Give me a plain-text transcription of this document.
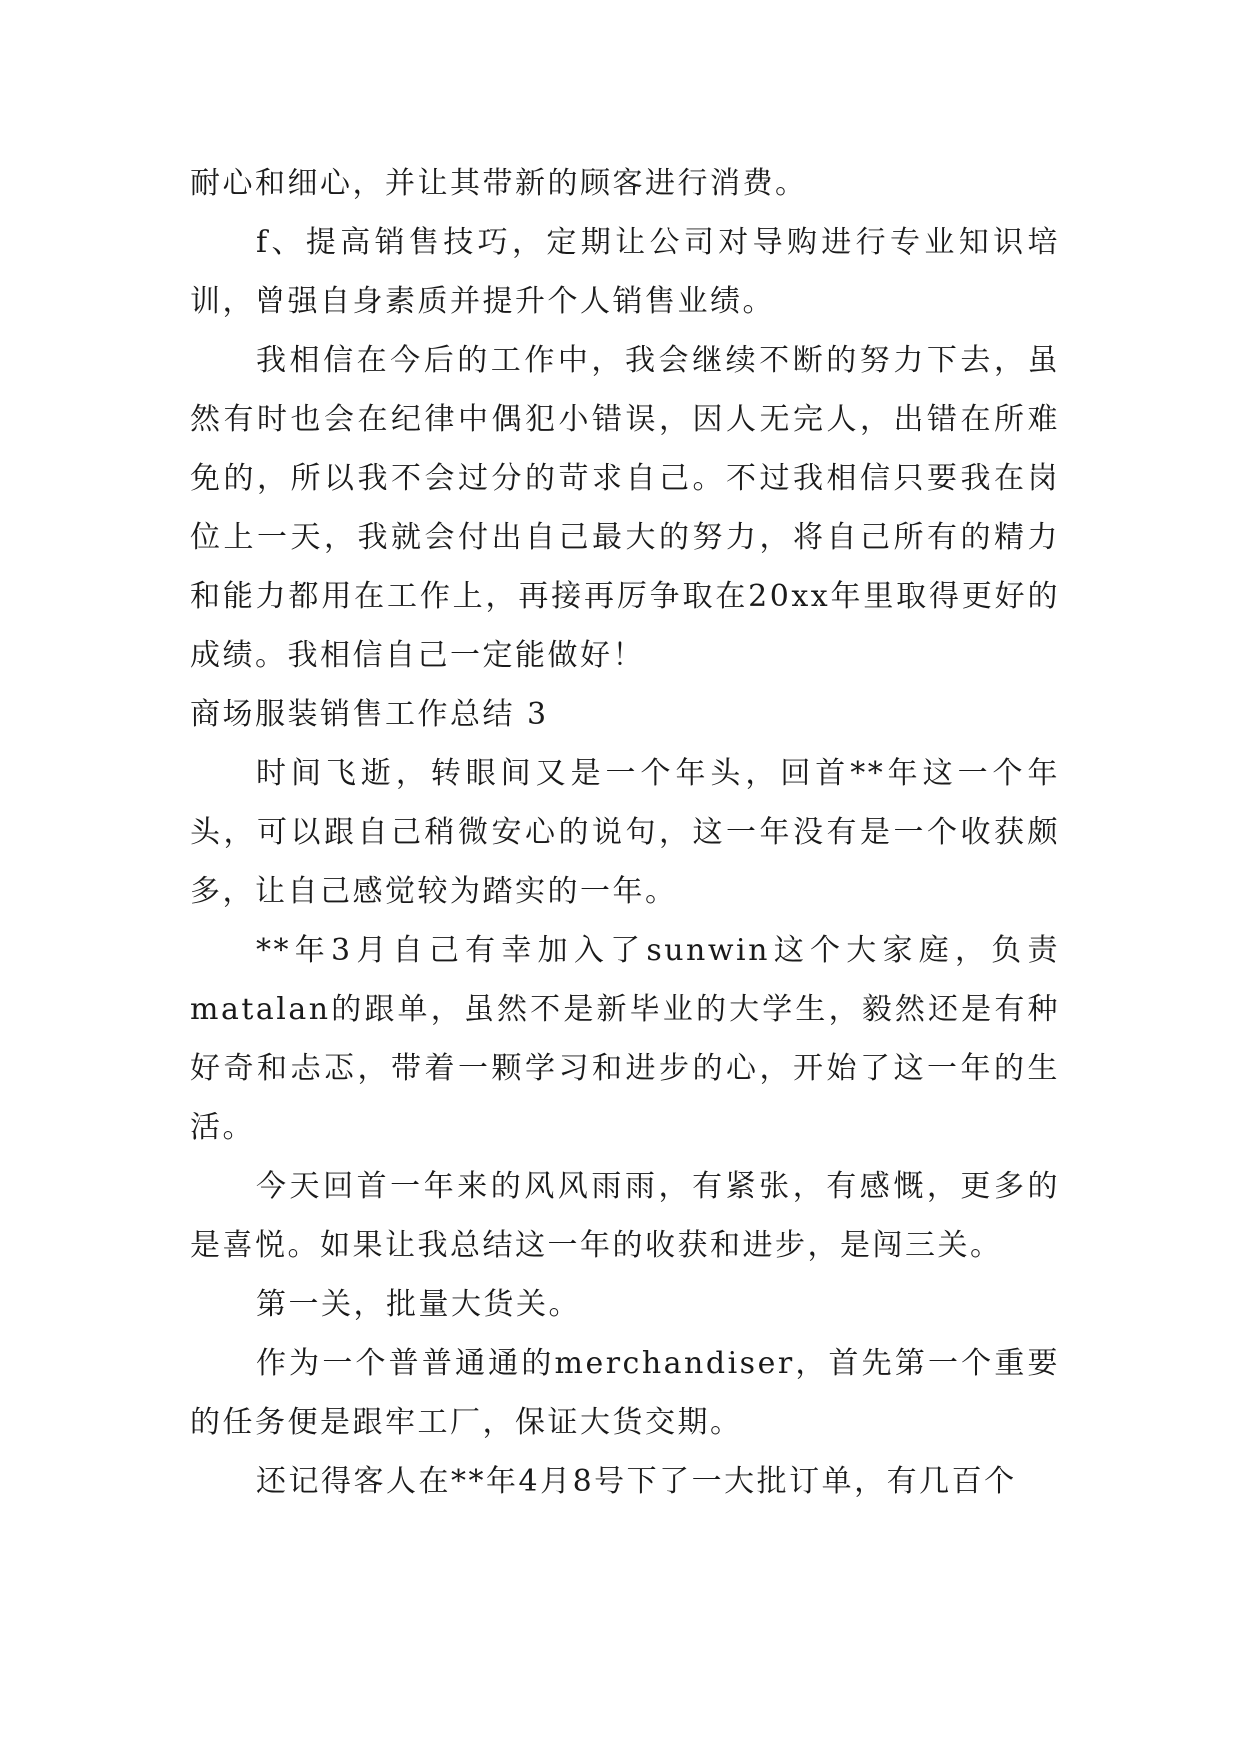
耐心和细心，并让其带新的顾客进行消费。

f、提高销售技巧，定期让公司对导购进行专业知识培训，曾强自身素质并提升个人销售业绩。

我相信在今后的工作中，我会继续不断的努力下去，虽然有时也会在纪律中偶犯小错误，因人无完人，出错在所难免的，所以我不会过分的苛求自己。不过我相信只要我在岗位上一天，我就会付出自己最大的努力，将自己所有的精力和能力都用在工作上，再接再厉争取在20xx年里取得更好的成绩。我相信自己一定能做好！

商场服装销售工作总结 3

时间飞逝，转眼间又是一个年头，回首**年这一个年头，可以跟自己稍微安心的说句，这一年没有是一个收获颇多，让自己感觉较为踏实的一年。

**年3月自己有幸加入了sunwin这个大家庭，负责matalan的跟单，虽然不是新毕业的大学生，毅然还是有种好奇和忐忑，带着一颗学习和进步的心，开始了这一年的生活。

今天回首一年来的风风雨雨，有紧张，有感慨，更多的是喜悦。如果让我总结这一年的收获和进步，是闯三关。

第一关，批量大货关。

作为一个普普通通的merchandiser，首先第一个重要的任务便是跟牢工厂，保证大货交期。

还记得客人在**年4月8号下了一大批订单，有几百个
